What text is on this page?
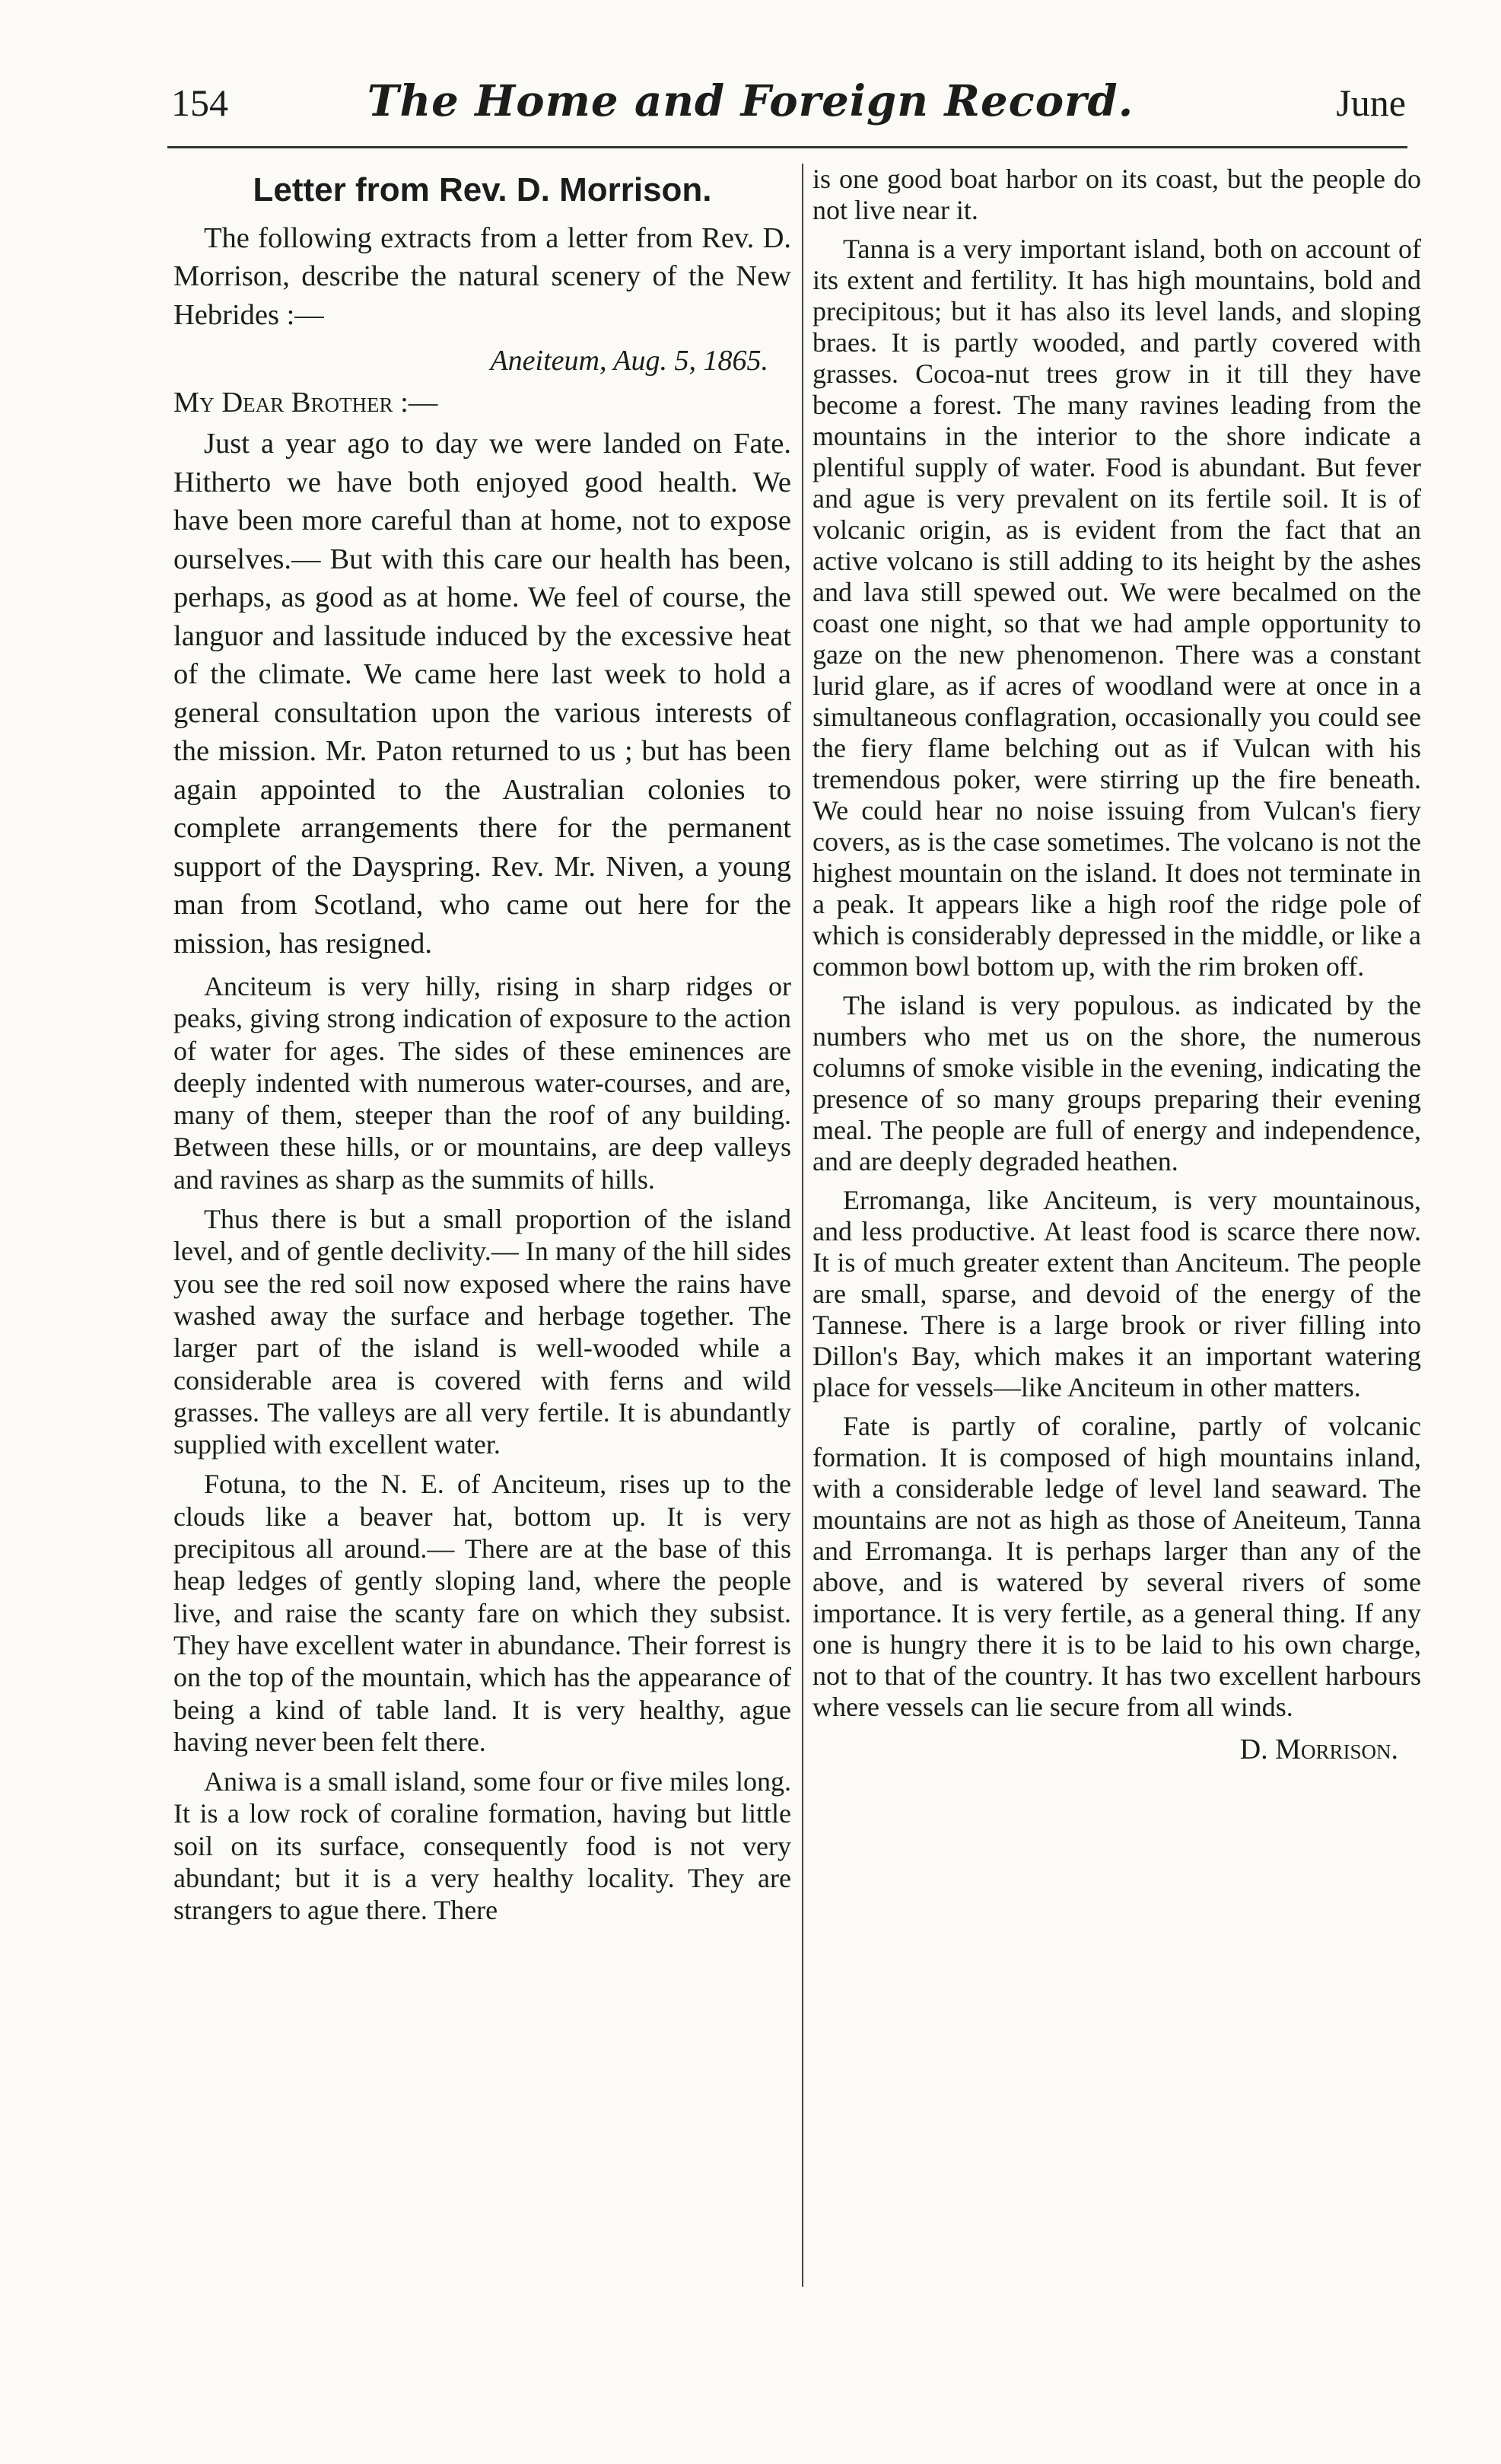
154	The Home and Foreign Record.	June
Letter from Rev. D. Morrison.

The following extracts from a letter from Rev. D. Morrison, describe the natural scenery of the New Hebrides :—

Aneiteum, Aug. 5, 1865.

My Dear Brother :—

Just a year ago to day we were landed on Fate. Hitherto we have both enjoyed good health. We have been more careful than at home, not to expose ourselves.— But with this care our health has been, perhaps, as good as at home. We feel of course, the languor and lassitude induced by the excessive heat of the climate. We came here last week to hold a general consultation upon the various interests of the mission. Mr. Paton returned to us ; but has been again appointed to the Australian colonies to complete arrangements there for the permanent support of the Dayspring. Rev. Mr. Niven, a young man from Scotland, who came out here for the mission, has resigned.

Anciteum is very hilly, rising in sharp ridges or peaks, giving strong indication of exposure to the action of water for ages. The sides of these eminences are deeply indented with numerous water-courses, and are, many of them, steeper than the roof of any building. Between these hills, or or mountains, are deep valleys and ravines as sharp as the summits of hills.

Thus there is but a small proportion of the island level, and of gentle declivity.— In many of the hill sides you see the red soil now exposed where the rains have washed away the surface and herbage together. The larger part of the island is well-wooded while a considerable area is covered with ferns and wild grasses. The valleys are all very fertile. It is abundantly supplied with excellent water.

Fotuna, to the N. E. of Anciteum, rises up to the clouds like a beaver hat, bottom up. It is very precipitous all around.— There are at the base of this heap ledges of gently sloping land, where the people live, and raise the scanty fare on which they subsist. They have excellent water in abundance. Their forrest is on the top of the mountain, which has the appearance of being a kind of table land. It is very healthy, ague having never been felt there.

Aniwa is a small island, some four or five miles long. It is a low rock of coraline formation, having but little soil on its surface, consequently food is not very abundant; but it is a very healthy locality. They are strangers to ague there. There

is one good boat harbor on its coast, but the people do not live near it.

Tanna is a very important island, both on account of its extent and fertility. It has high mountains, bold and precipitous; but it has also its level lands, and sloping braes. It is partly wooded, and partly covered with grasses. Cocoa-nut trees grow in it till they have become a forest. The many ravines leading from the mountains in the interior to the shore indicate a plentiful supply of water. Food is abundant. But fever and ague is very prevalent on its fertile soil. It is of volcanic origin, as is evident from the fact that an active volcano is still adding to its height by the ashes and lava still spewed out. We were becalmed on the coast one night, so that we had ample opportunity to gaze on the new phenomenon. There was a constant lurid glare, as if acres of woodland were at once in a simultaneous conflagration, occasionally you could see the fiery flame belching out as if Vulcan with his tremendous poker, were stirring up the fire beneath. We could hear no noise issuing from Vulcan's fiery covers, as is the case sometimes. The volcano is not the highest mountain on the island. It does not terminate in a peak. It appears like a high roof the ridge pole of which is considerably depressed in the middle, or like a common bowl bottom up, with the rim broken off.

The island is very populous. as indicated by the numbers who met us on the shore, the numerous columns of smoke visible in the evening, indicating the presence of so many groups preparing their evening meal. The people are full of energy and independence, and are deeply degraded heathen.

Erromanga, like Anciteum, is very mountainous, and less productive. At least food is scarce there now. It is of much greater extent than Anciteum. The people are small, sparse, and devoid of the energy of the Tannese. There is a large brook or river filling into Dillon's Bay, which makes it an important watering place for vessels—like Anciteum in other matters.

Fate is partly of coraline, partly of volcanic formation. It is composed of high mountains inland, with a considerable ledge of level land seaward. The mountains are not as high as those of Aneiteum, Tanna and Erromanga. It is perhaps larger than any of the above, and is watered by several rivers of some importance. It is very fertile, as a general thing. If any one is hungry there it is to be laid to his own charge, not to that of the country. It has two excellent harbours where vessels can lie secure from all winds.

D. Morrison.
